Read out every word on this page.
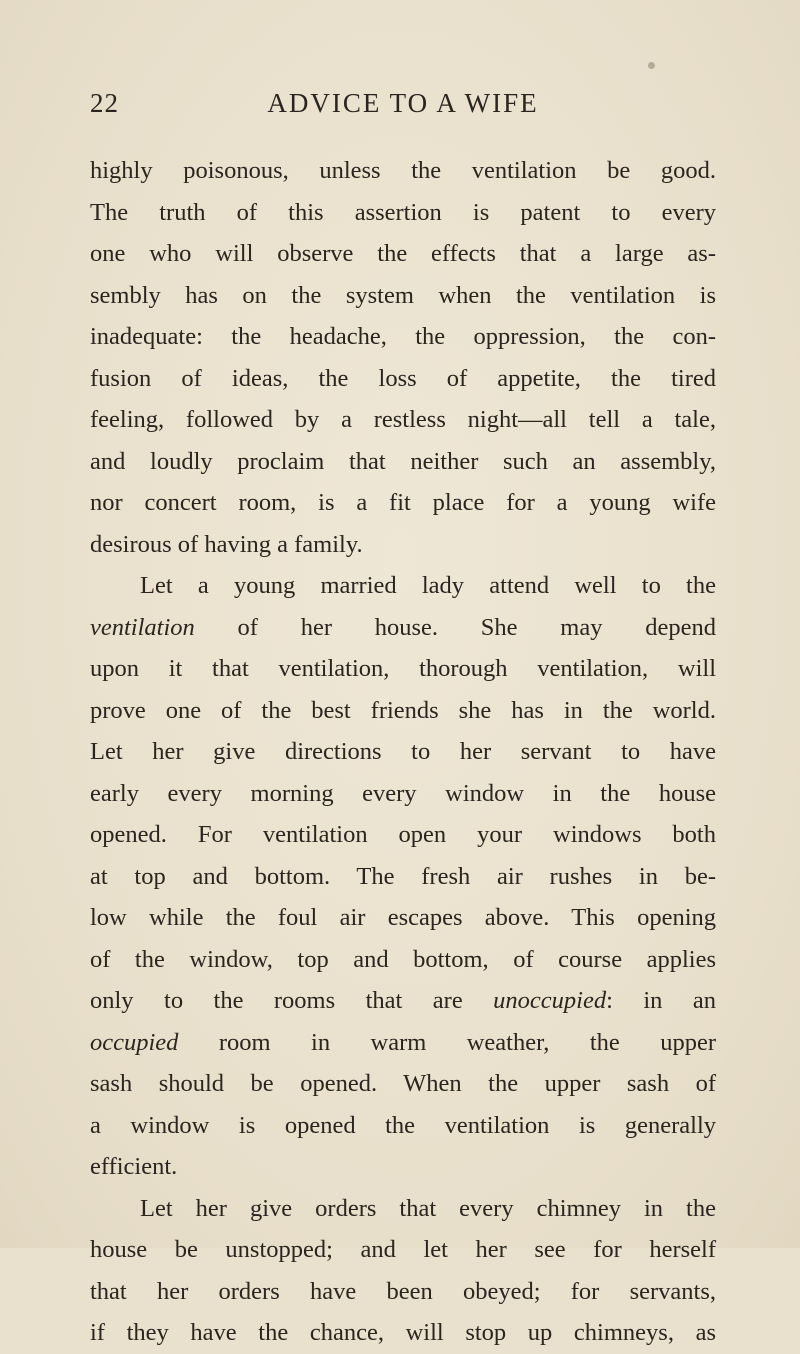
22	ADVICE TO A WIFE
highly poisonous, unless the ventilation be good.
The truth of this assertion is patent to every
one who will observe the effects that a large as-
sembly has on the system when the ventilation is
inadequate: the headache, the oppression, the con-
fusion of ideas, the loss of appetite, the tired
feeling, followed by a restless night—all tell a tale,
and loudly proclaim that neither such an assembly,
nor concert room, is a fit place for a young wife
desirous of having a family.
Let a young married lady attend well to the
ventilation of her house. She may depend
upon it that ventilation, thorough ventilation, will
prove one of the best friends she has in the world.
Let her give directions to her servant to have
early every morning every window in the house
opened. For ventilation open your windows both
at top and bottom. The fresh air rushes in be-
low while the foul air escapes above. This opening
of the window, top and bottom, of course applies
only to the rooms that are unoccupied: in an
occupied room in warm weather, the upper
sash should be opened. When the upper sash of
a window is opened the ventilation is generally
efficient.
Let her give orders that every chimney in the
house be unstopped; and let her see for herself
that her orders have been obeyed; for servants,
if they have the chance, will stop up chimneys, as
